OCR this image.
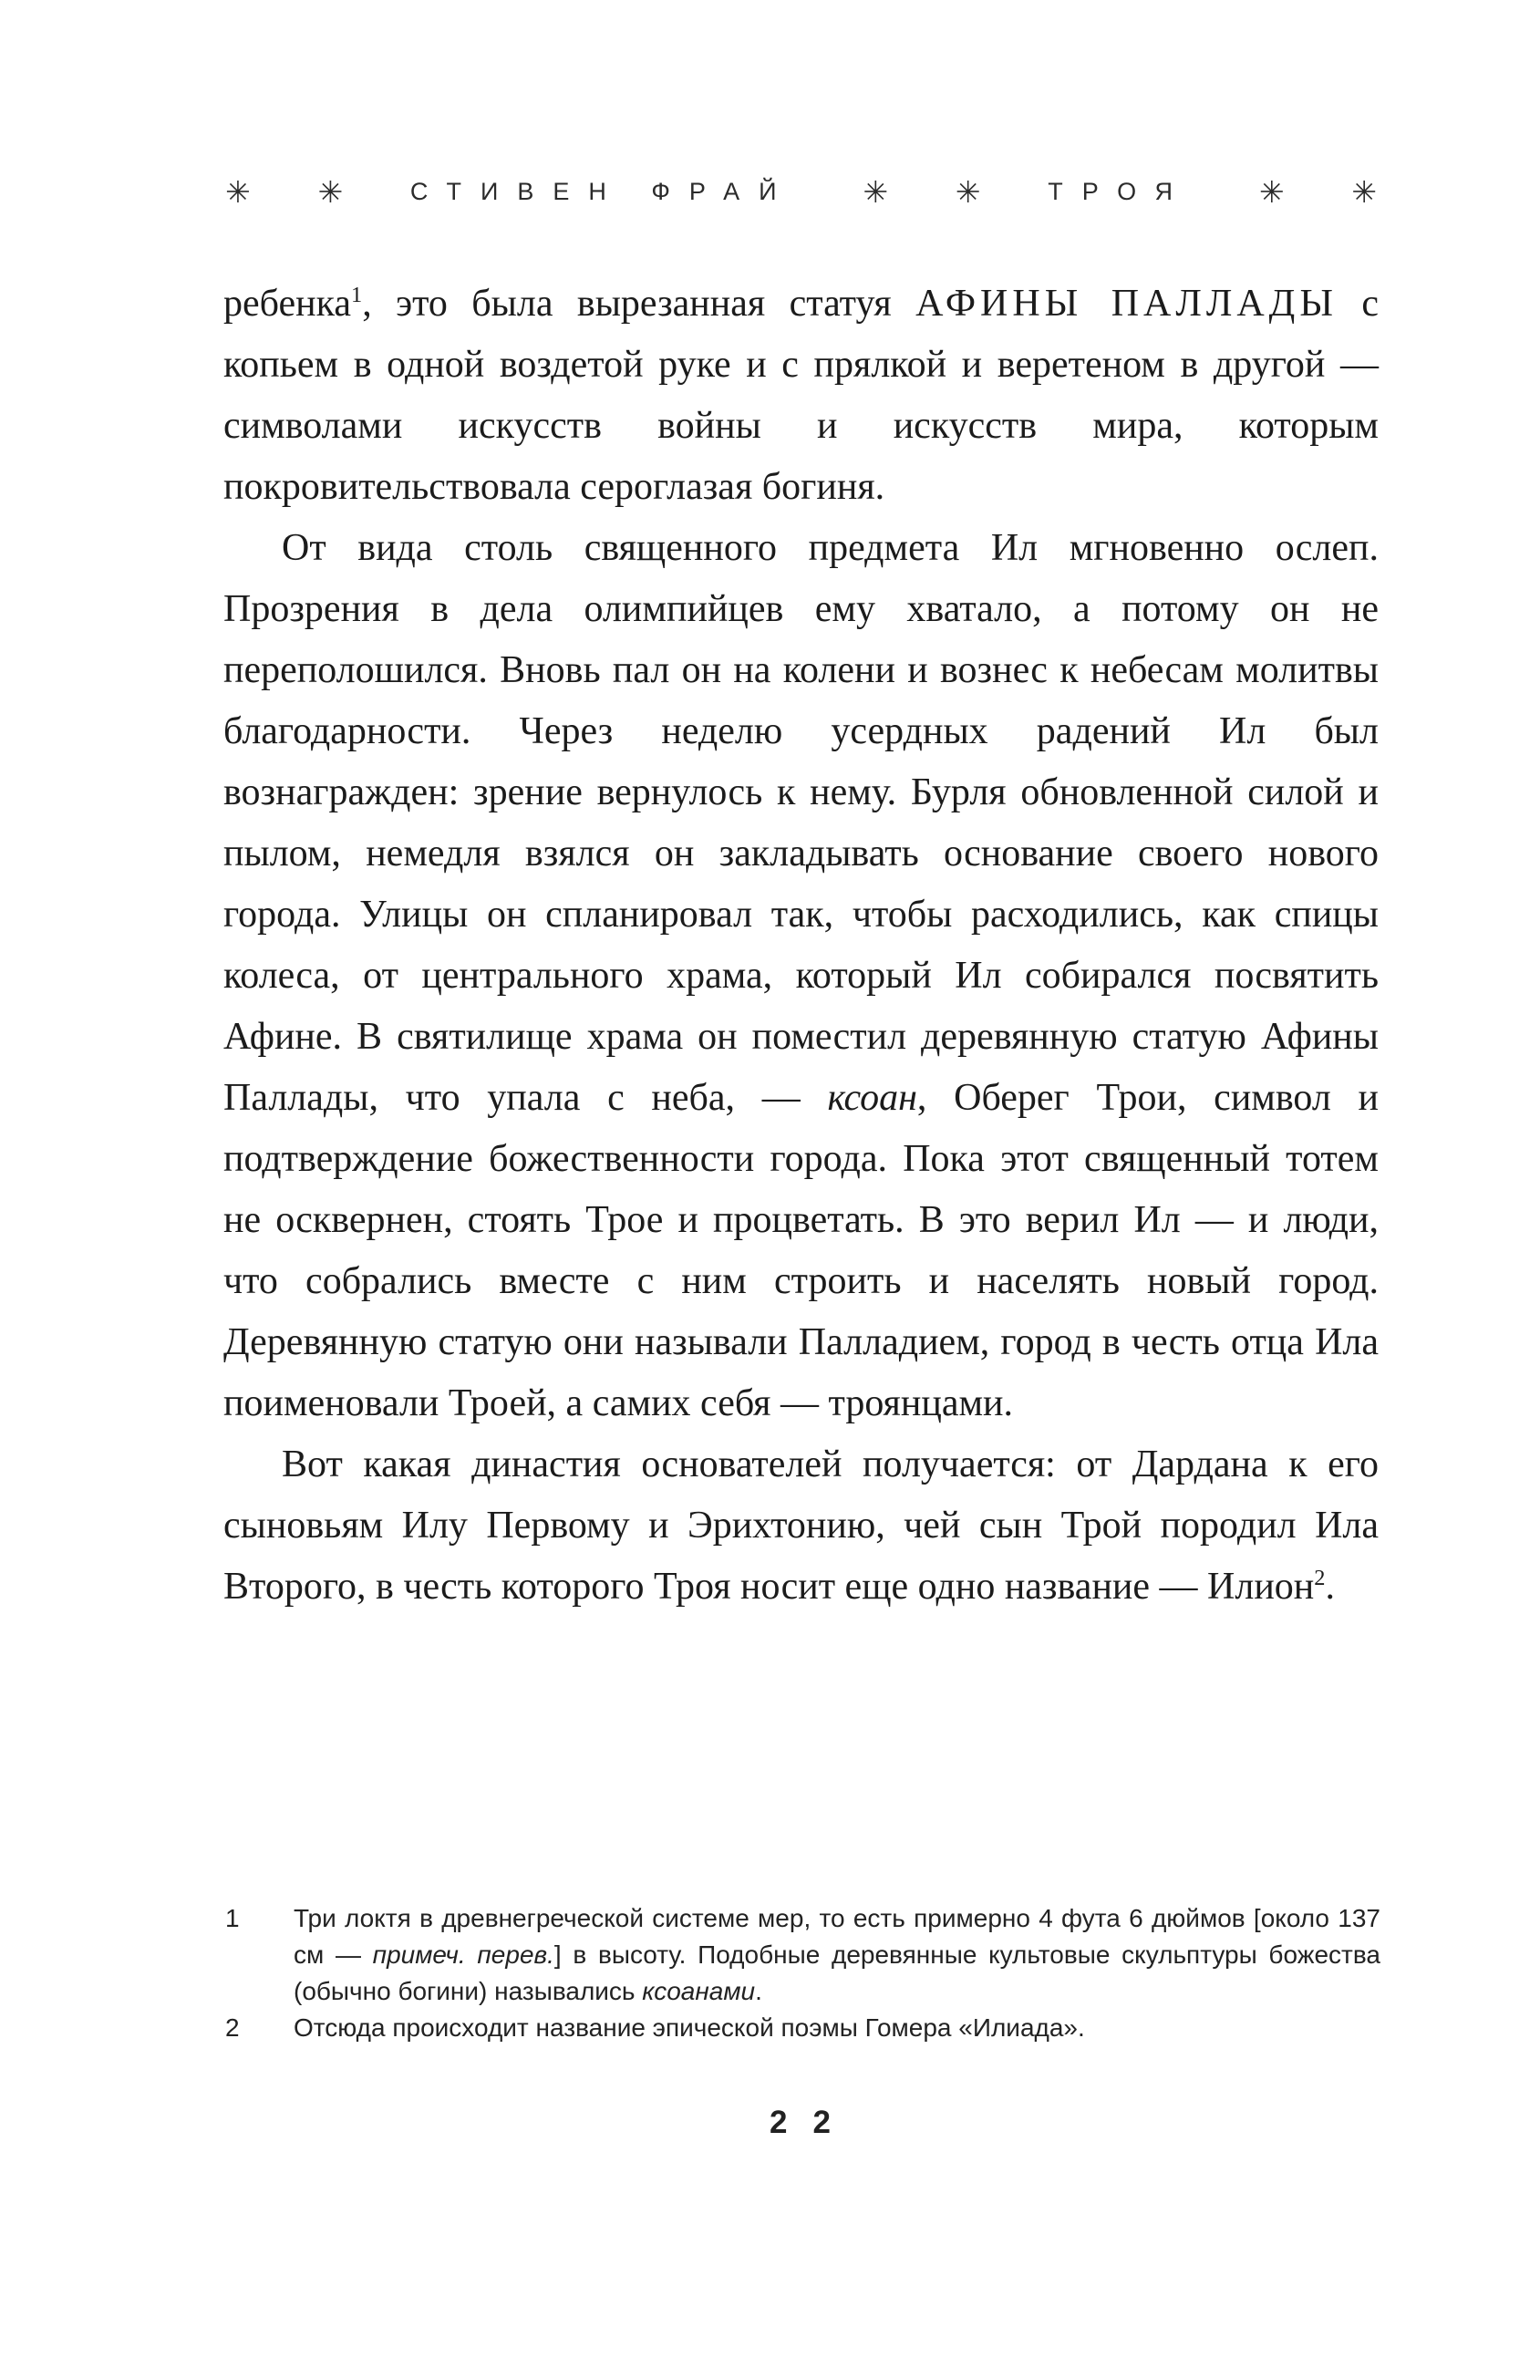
✳ ✳	СТИВЕН ФРАЙ ✳ ✳	ТРОЯ ✳ ✳

ребенка$^1$, это была вырезанная статуя АФИНЫ ПАЛЛАДЫ с копьем в одной воздетой руке и с прялкой и веретеном в другой — символами искусств войны и искусств мира, которым покровительствовала сероглазая богиня.

От вида столь священного предмета Ил мгновенно ослеп. Прозрения в дела олимпийцев ему хватало, а потому он не переполошился. Вновь пал он на колени и вознес к небесам молитвы благодарности. Через неделю усердных радений Ил был вознагражден: зрение вернулось к нему. Бурля обновленной силой и пылом, немедля взялся он закладывать основание своего нового города. Улицы он спланировал так, чтобы расходились, как спицы колеса, от центрального храма, который Ил собирался посвятить Афине. В святилище храма он поместил деревянную статую Афины Паллады, что упала с неба, — ксоан, Оберег Трои, символ и подтверждение божественности города. Пока этот священный тотем не осквернен, стоять Трое и процветать. В это верил Ил — и люди, что собрались вместе с ним строить и населять новый город. Деревянную статую они называли Палладием, город в честь отца Ила поименовали Троей, а самих себя — троянцами.

Вот какая династия основателей получается: от Дардана к его сыновьям Илу Первому и Эрихтонию, чей сын Трой породил Ила Второго, в честь которого Троя носит еще одно название — Илион$^2$.

1 Три локтя в древнегреческой системе мер, то есть примерно 4 фута 6 дюймов [около 137 см — примеч. перев.] в высоту. Подобные деревянные культовые скульптуры божества (обычно богини) назывались ксоанами.
2 Отсюда происходит название эпической поэмы Гомера «Илиада».
22
